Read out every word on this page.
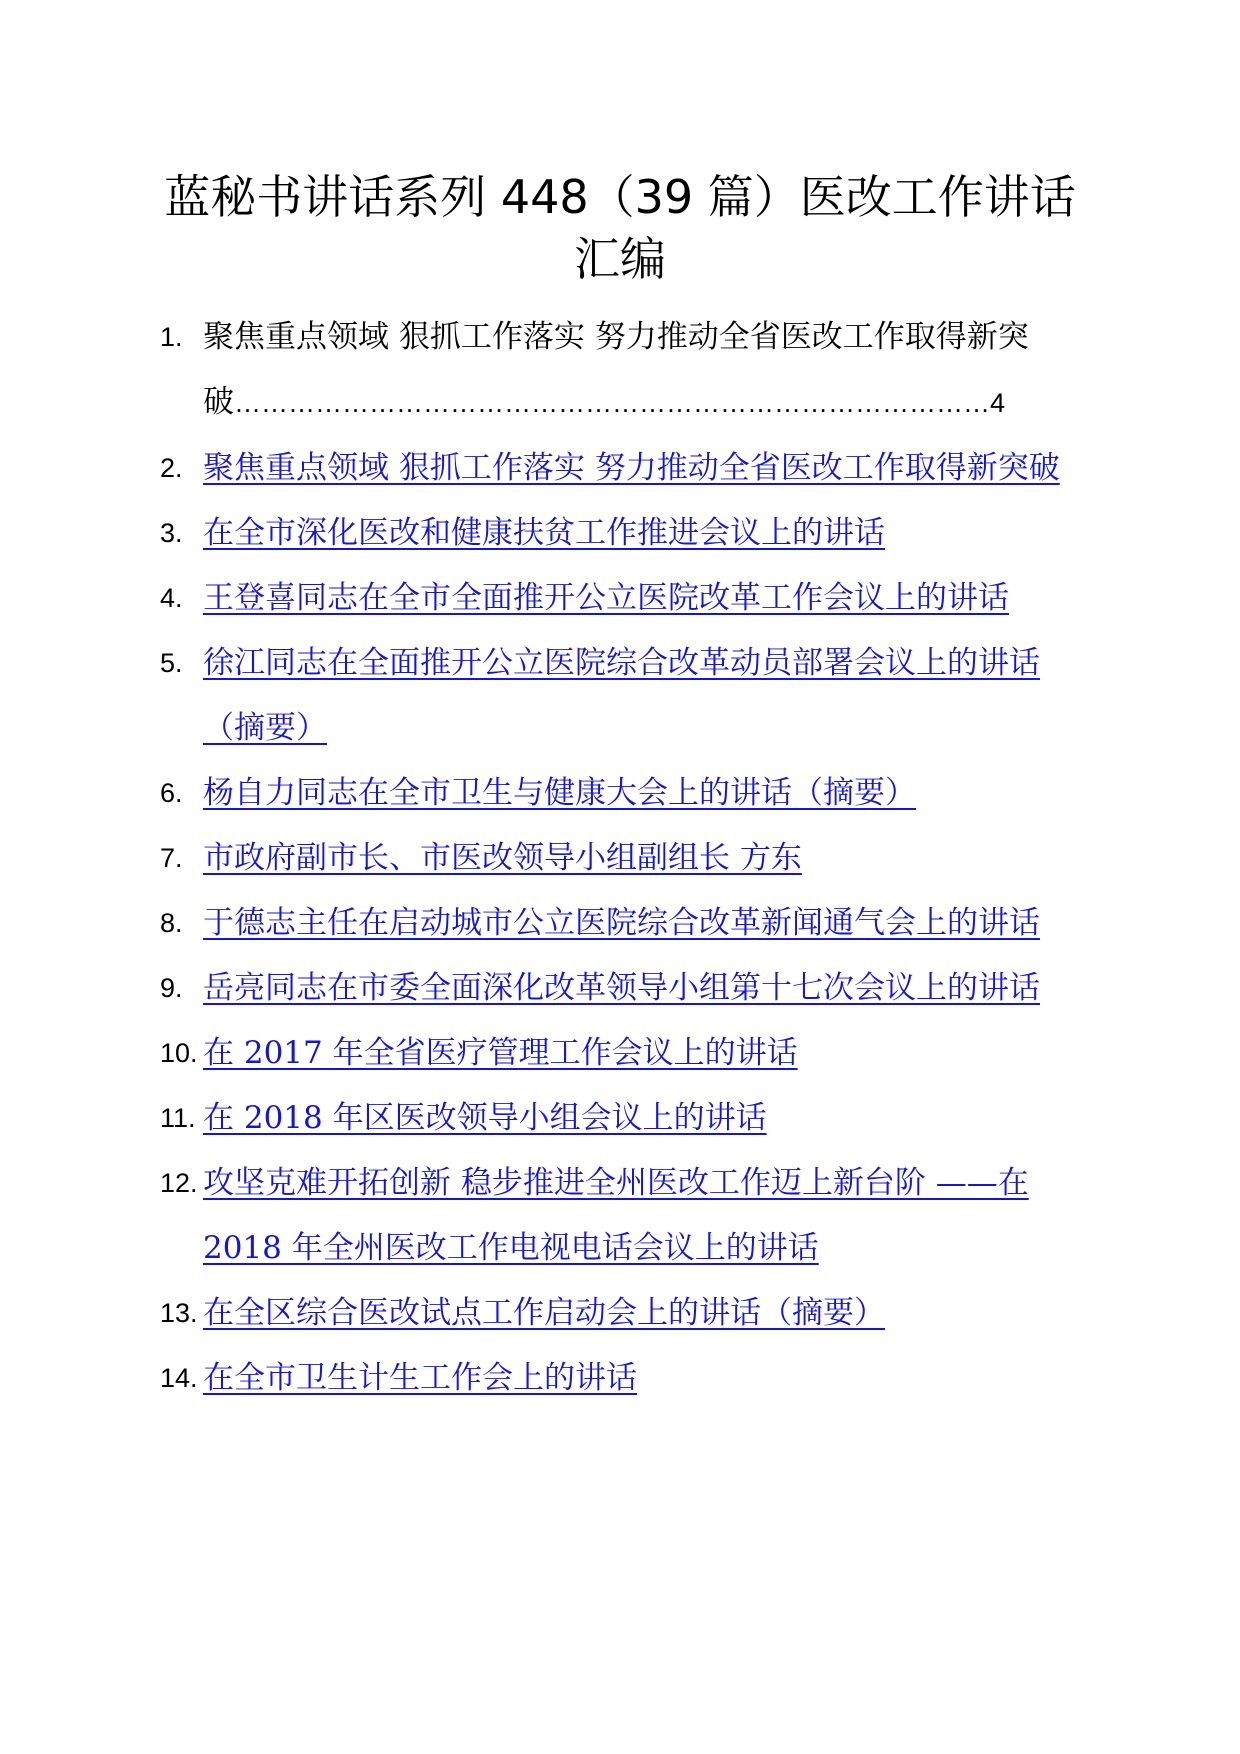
蓝秘书讲话系列 448（39 篇）医改工作讲话汇编
1. 聚焦重点领域 狠抓工作落实 努力推动全省医改工作取得新突破…………………………………………………………………………4
2. 聚焦重点领域 狠抓工作落实 努力推动全省医改工作取得新突破
3. 在全市深化医改和健康扶贫工作推进会议上的讲话
4. 王登喜同志在全市全面推开公立医院改革工作会议上的讲话
5. 徐江同志在全面推开公立医院综合改革动员部署会议上的讲话（摘要）
6. 杨自力同志在全市卫生与健康大会上的讲话（摘要）
7. 市政府副市长、市医改领导小组副组长 方东
8. 于德志主任在启动城市公立医院综合改革新闻通气会上的讲话
9. 岳亮同志在市委全面深化改革领导小组第十七次会议上的讲话
10. 在 2017 年全省医疗管理工作会议上的讲话
11. 在 2018 年区医改领导小组会议上的讲话
12. 攻坚克难开拓创新 稳步推进全州医改工作迈上新台阶 ——在 2018 年全州医改工作电视电话会议上的讲话
13. 在全区综合医改试点工作启动会上的讲话（摘要）
14. 在全市卫生计生工作会上的讲话
